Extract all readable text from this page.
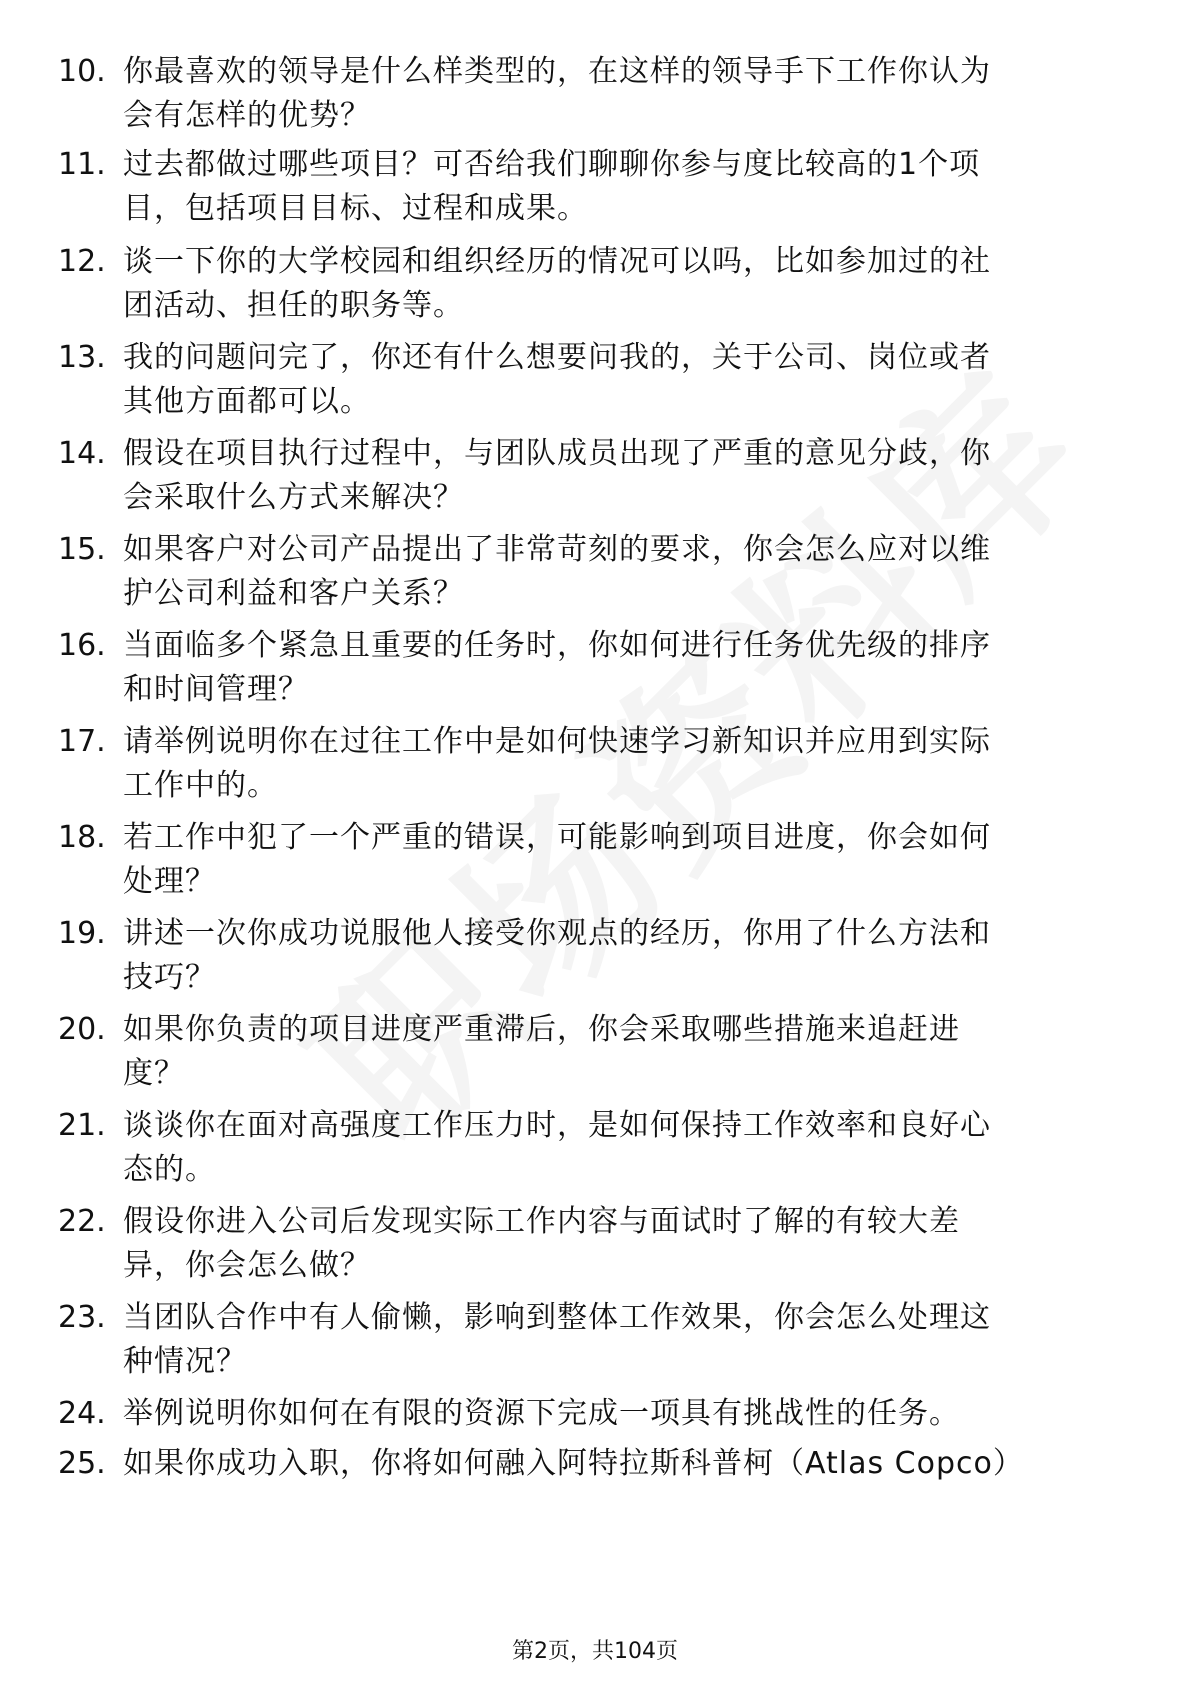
10. 你最喜欢的领导是什么样类型的，在这样的领导手下工作你认为
会有怎样的优势？
11. 过去都做过哪些项目？可否给我们聊聊你参与度比较高的1个项
目，包括项目目标、过程和成果。
12. 谈一下你的大学校园和组织经历的情况可以吗，比如参加过的社
团活动、担任的职务等。
13. 我的问题问完了，你还有什么想要问我的，关于公司、岗位或者
其他方面都可以。
14. 假设在项目执行过程中，与团队成员出现了严重的意见分歧，你
会采取什么方式来解决？
15. 如果客户对公司产品提出了非常苛刻的要求，你会怎么应对以维
护公司利益和客户关系？
16. 当面临多个紧急且重要的任务时，你如何进行任务优先级的排序
和时间管理？
17. 请举例说明你在过往工作中是如何快速学习新知识并应用到实际
工作中的。
18. 若工作中犯了一个严重的错误，可能影响到项目进度，你会如何
处理？
19. 讲述一次你成功说服他人接受你观点的经历，你用了什么方法和
技巧？
20. 如果你负责的项目进度严重滞后，你会采取哪些措施来追赶进
度？
21. 谈谈你在面对高强度工作压力时，是如何保持工作效率和良好心
态的。
22. 假设你进入公司后发现实际工作内容与面试时了解的有较大差
异，你会怎么做？
23. 当团队合作中有人偷懒，影响到整体工作效果，你会怎么处理这
种情况？
24. 举例说明你如何在有限的资源下完成一项具有挑战性的任务。
25. 如果你成功入职，你将如何融入阿特拉斯科普柯（Atlas Copco）
第2页，共104页
